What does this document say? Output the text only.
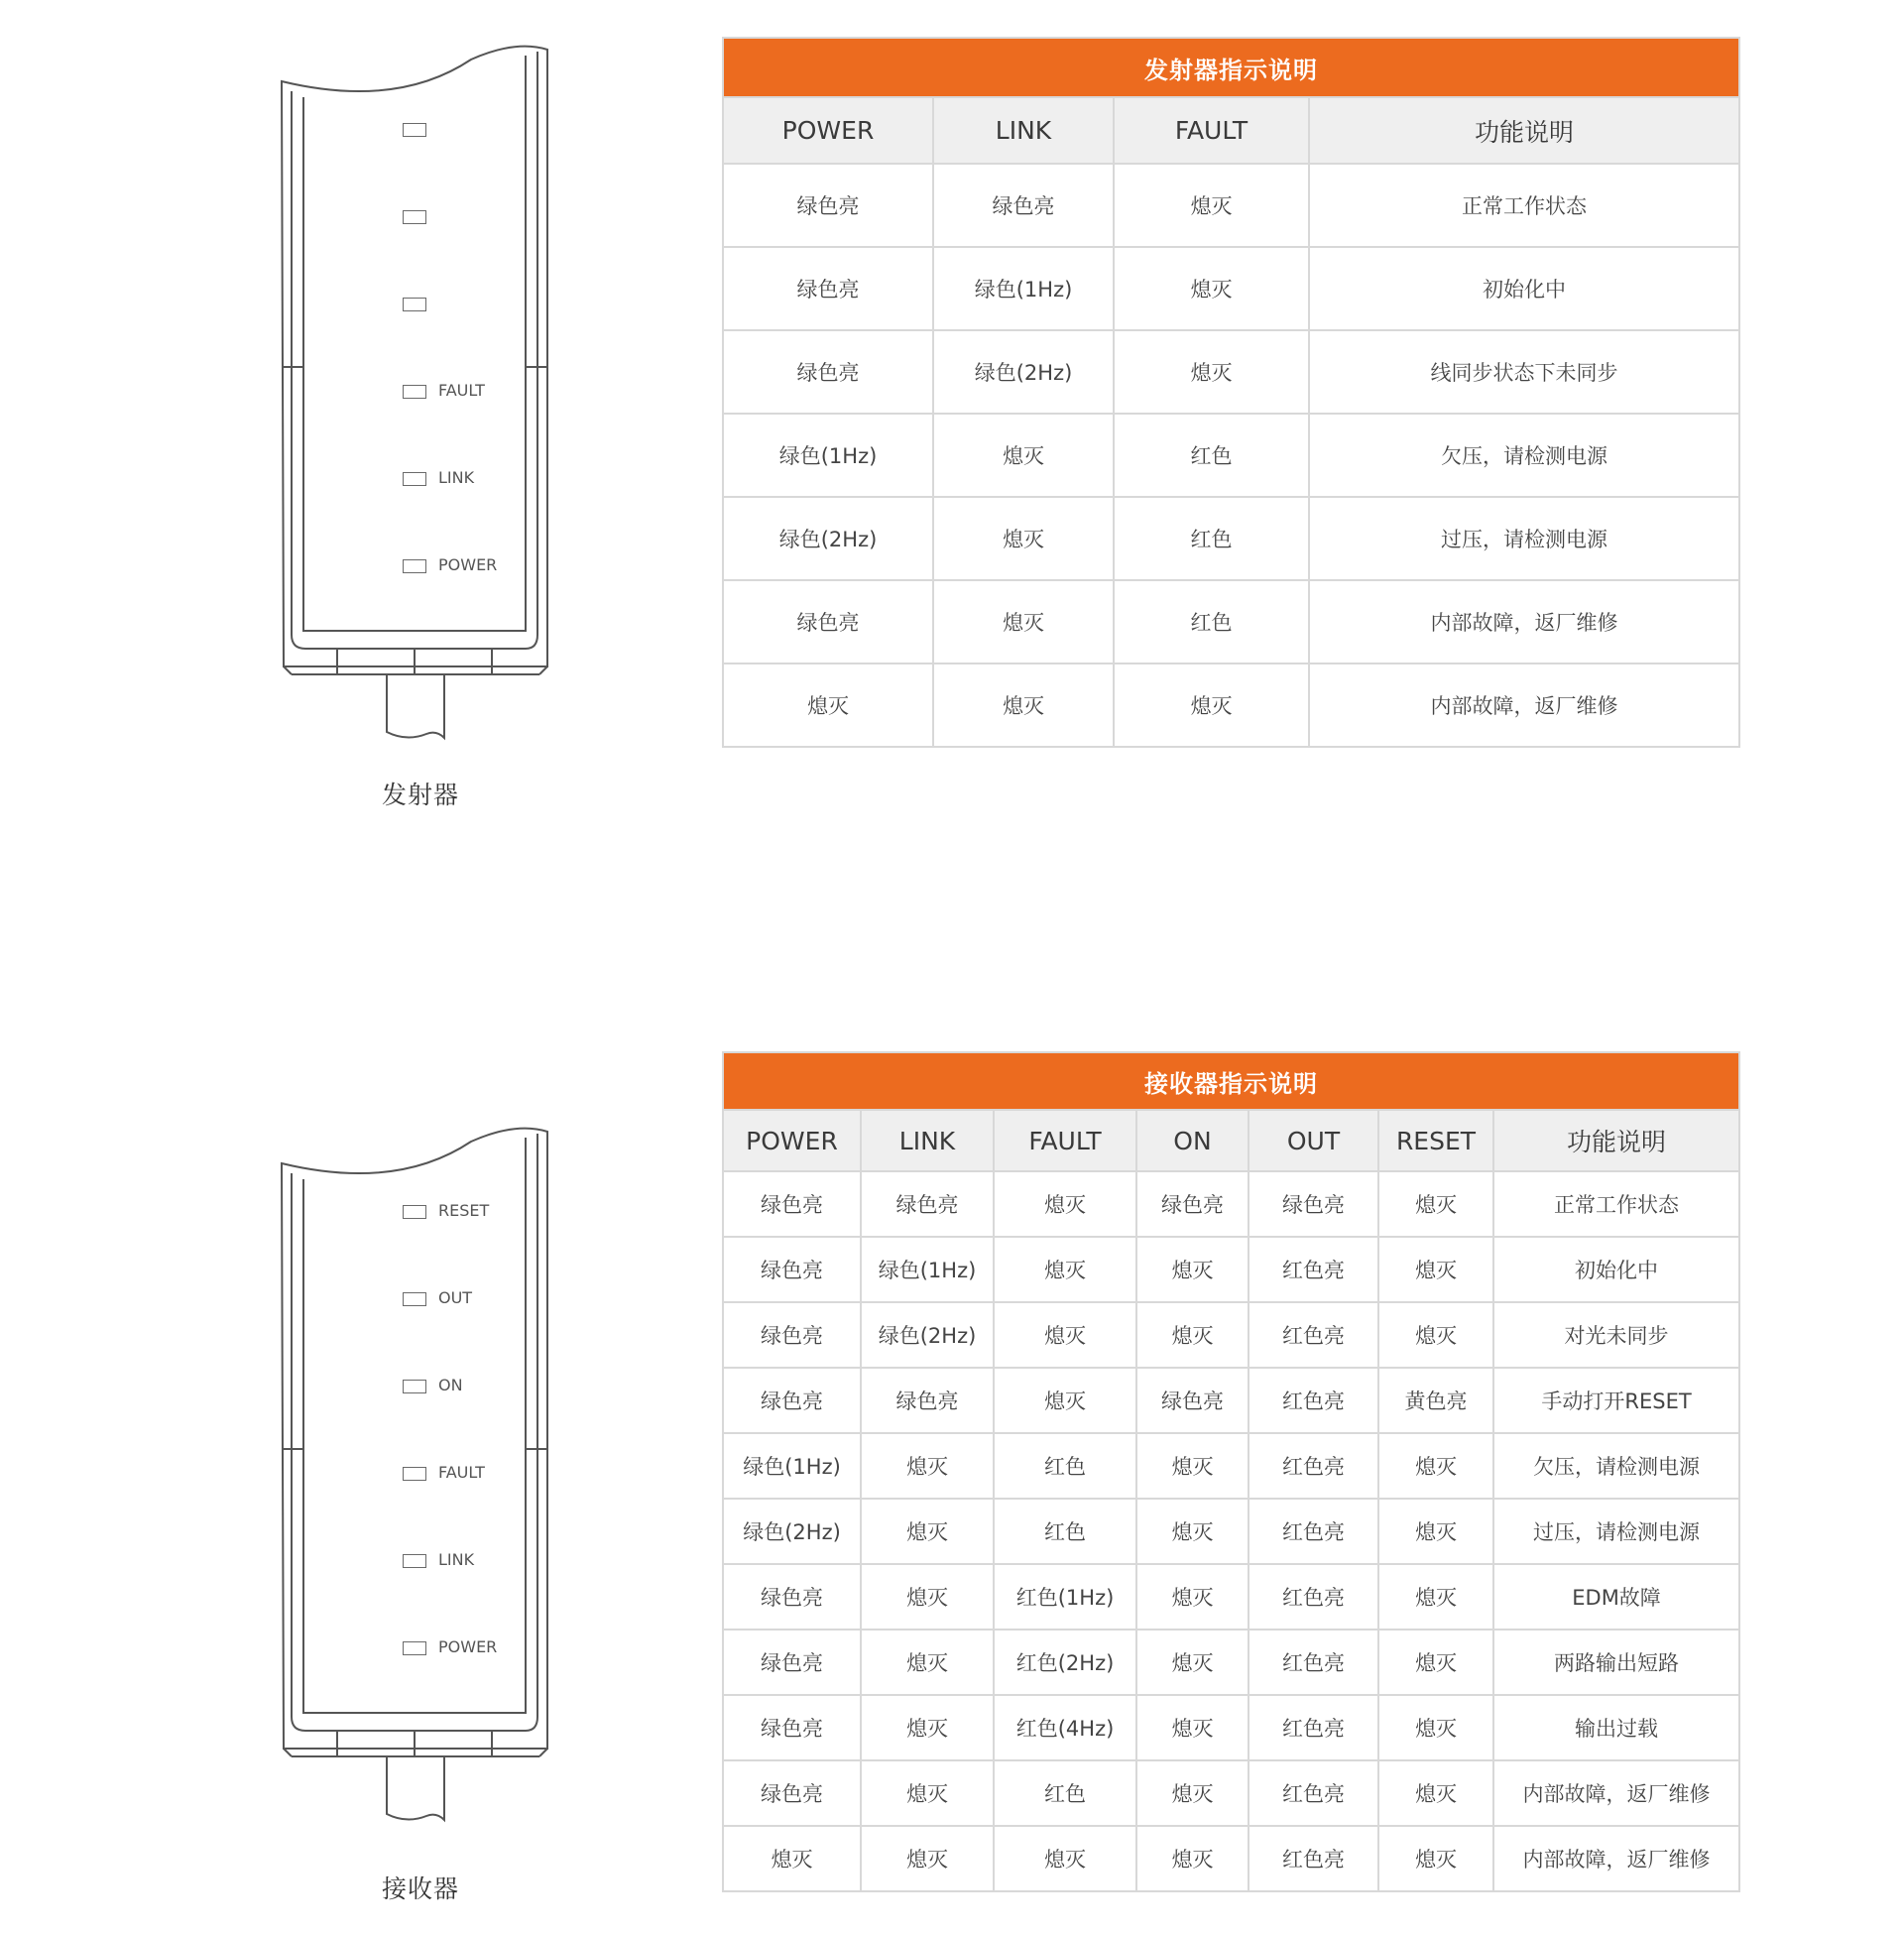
FAULT
LINK
POWER
发射器
发射器指示说明			
POWER	LINK	FAULT	功能说明
绿色亮	绿色亮	熄灭	正常工作状态
绿色亮	绿色(1Hz)	熄灭	初始化中
绿色亮	绿色(2Hz)	熄灭	线同步状态下未同步
绿色(1Hz)	熄灭	红色	欠压，请检测电源
绿色(2Hz)	熄灭	红色	过压，请检测电源
绿色亮	熄灭	红色	内部故障，返厂维修
熄灭	熄灭	熄灭	内部故障，返厂维修
RESET
OUT
ON
FAULT
LINK
POWER
接收器
接收器指示说明						
POWER	LINK	FAULT	ON	OUT	RESET	功能说明
绿色亮	绿色亮	熄灭	绿色亮	绿色亮	熄灭	正常工作状态
绿色亮	绿色(1Hz)	熄灭	熄灭	红色亮	熄灭	初始化中
绿色亮	绿色(2Hz)	熄灭	熄灭	红色亮	熄灭	对光未同步
绿色亮	绿色亮	熄灭	绿色亮	红色亮	黄色亮	手动打开RESET
绿色(1Hz)	熄灭	红色	熄灭	红色亮	熄灭	欠压，请检测电源
绿色(2Hz)	熄灭	红色	熄灭	红色亮	熄灭	过压，请检测电源
绿色亮	熄灭	红色(1Hz)	熄灭	红色亮	熄灭	EDM故障
绿色亮	熄灭	红色(2Hz)	熄灭	红色亮	熄灭	两路输出短路
绿色亮	熄灭	红色(4Hz)	熄灭	红色亮	熄灭	输出过载
绿色亮	熄灭	红色	熄灭	红色亮	熄灭	内部故障，返厂维修
熄灭	熄灭	熄灭	熄灭	红色亮	熄灭	内部故障，返厂维修
